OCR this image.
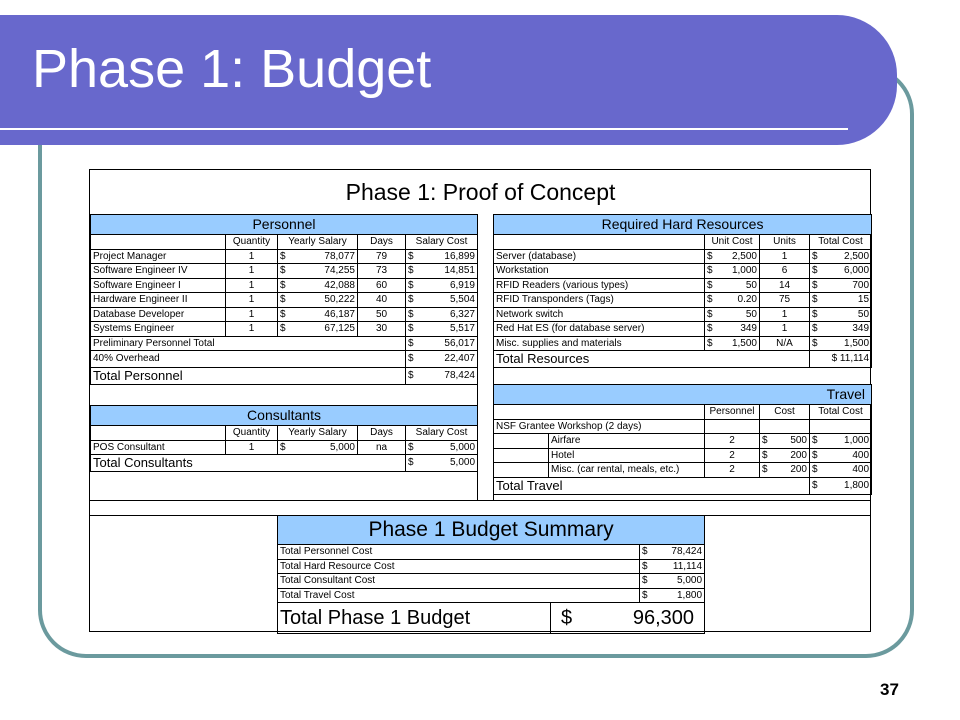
Phase 1: Budget
37
Phase 1: Proof of Concept
Personnel				
	Quantity	Yearly Salary	Days	Salary Cost
Project Manager	1	$ 78,077	79	$ 16,899

Software Engineer IV	1	$ 74,255	73	$ 14,851

Software Engineer I	1	$ 42,088	60	$ 6,919

Hardware Engineer II	1	$ 50,222	40	$ 5,504

Database Developer	1	$ 46,187	50	$ 6,327

Systems Engineer	1	$ 67,125	30	$ 5,517

Preliminary Personnel Total				$ 56,017

40% Overhead				$ 22,407

Total Personnel				$ 78,424
Consultants				
	Quantity	Yearly Salary	Days	Salary Cost
POS Consultant	1	$ 5,000	na	$ 5,000

Total Consultants				$ 5,000
Required Hard Resources			
	Unit Cost	Units	Total Cost
Server (database)	$ 2,500	1	$ 2,500

Workstation	$ 1,000	6	$ 6,000

RFID Readers (various types)	$ 50	14	$ 700

RFID Transponders (Tags)	$ 0.20	75	$ 15

Network switch	$ 50	1	$ 50

Red Hat ES (for database server)	$ 349	1	$ 349

Misc. supplies and materials	$ 1,500	N/A	$ 1,500

Total Resources			$ 11,114
Travel				
		Personnel	Cost	Total Cost
NSF Grantee Workshop (2 days)				
	Airfare	2	$ 500	$ 1,000

	Hotel	2	$ 200	$ 400

	Misc. (car rental, meals, etc.)	2	$ 200	$ 400

Total Travel				$ 1,800
Phase 1 Budget Summary	
Total Personnel Cost	$ 78,424

Total Hard Resource Cost	$ 11,114

Total Consultant Cost	$ 5,000

Total Travel Cost	$ 1,800
Total Phase 1 Budget	$	96,300
